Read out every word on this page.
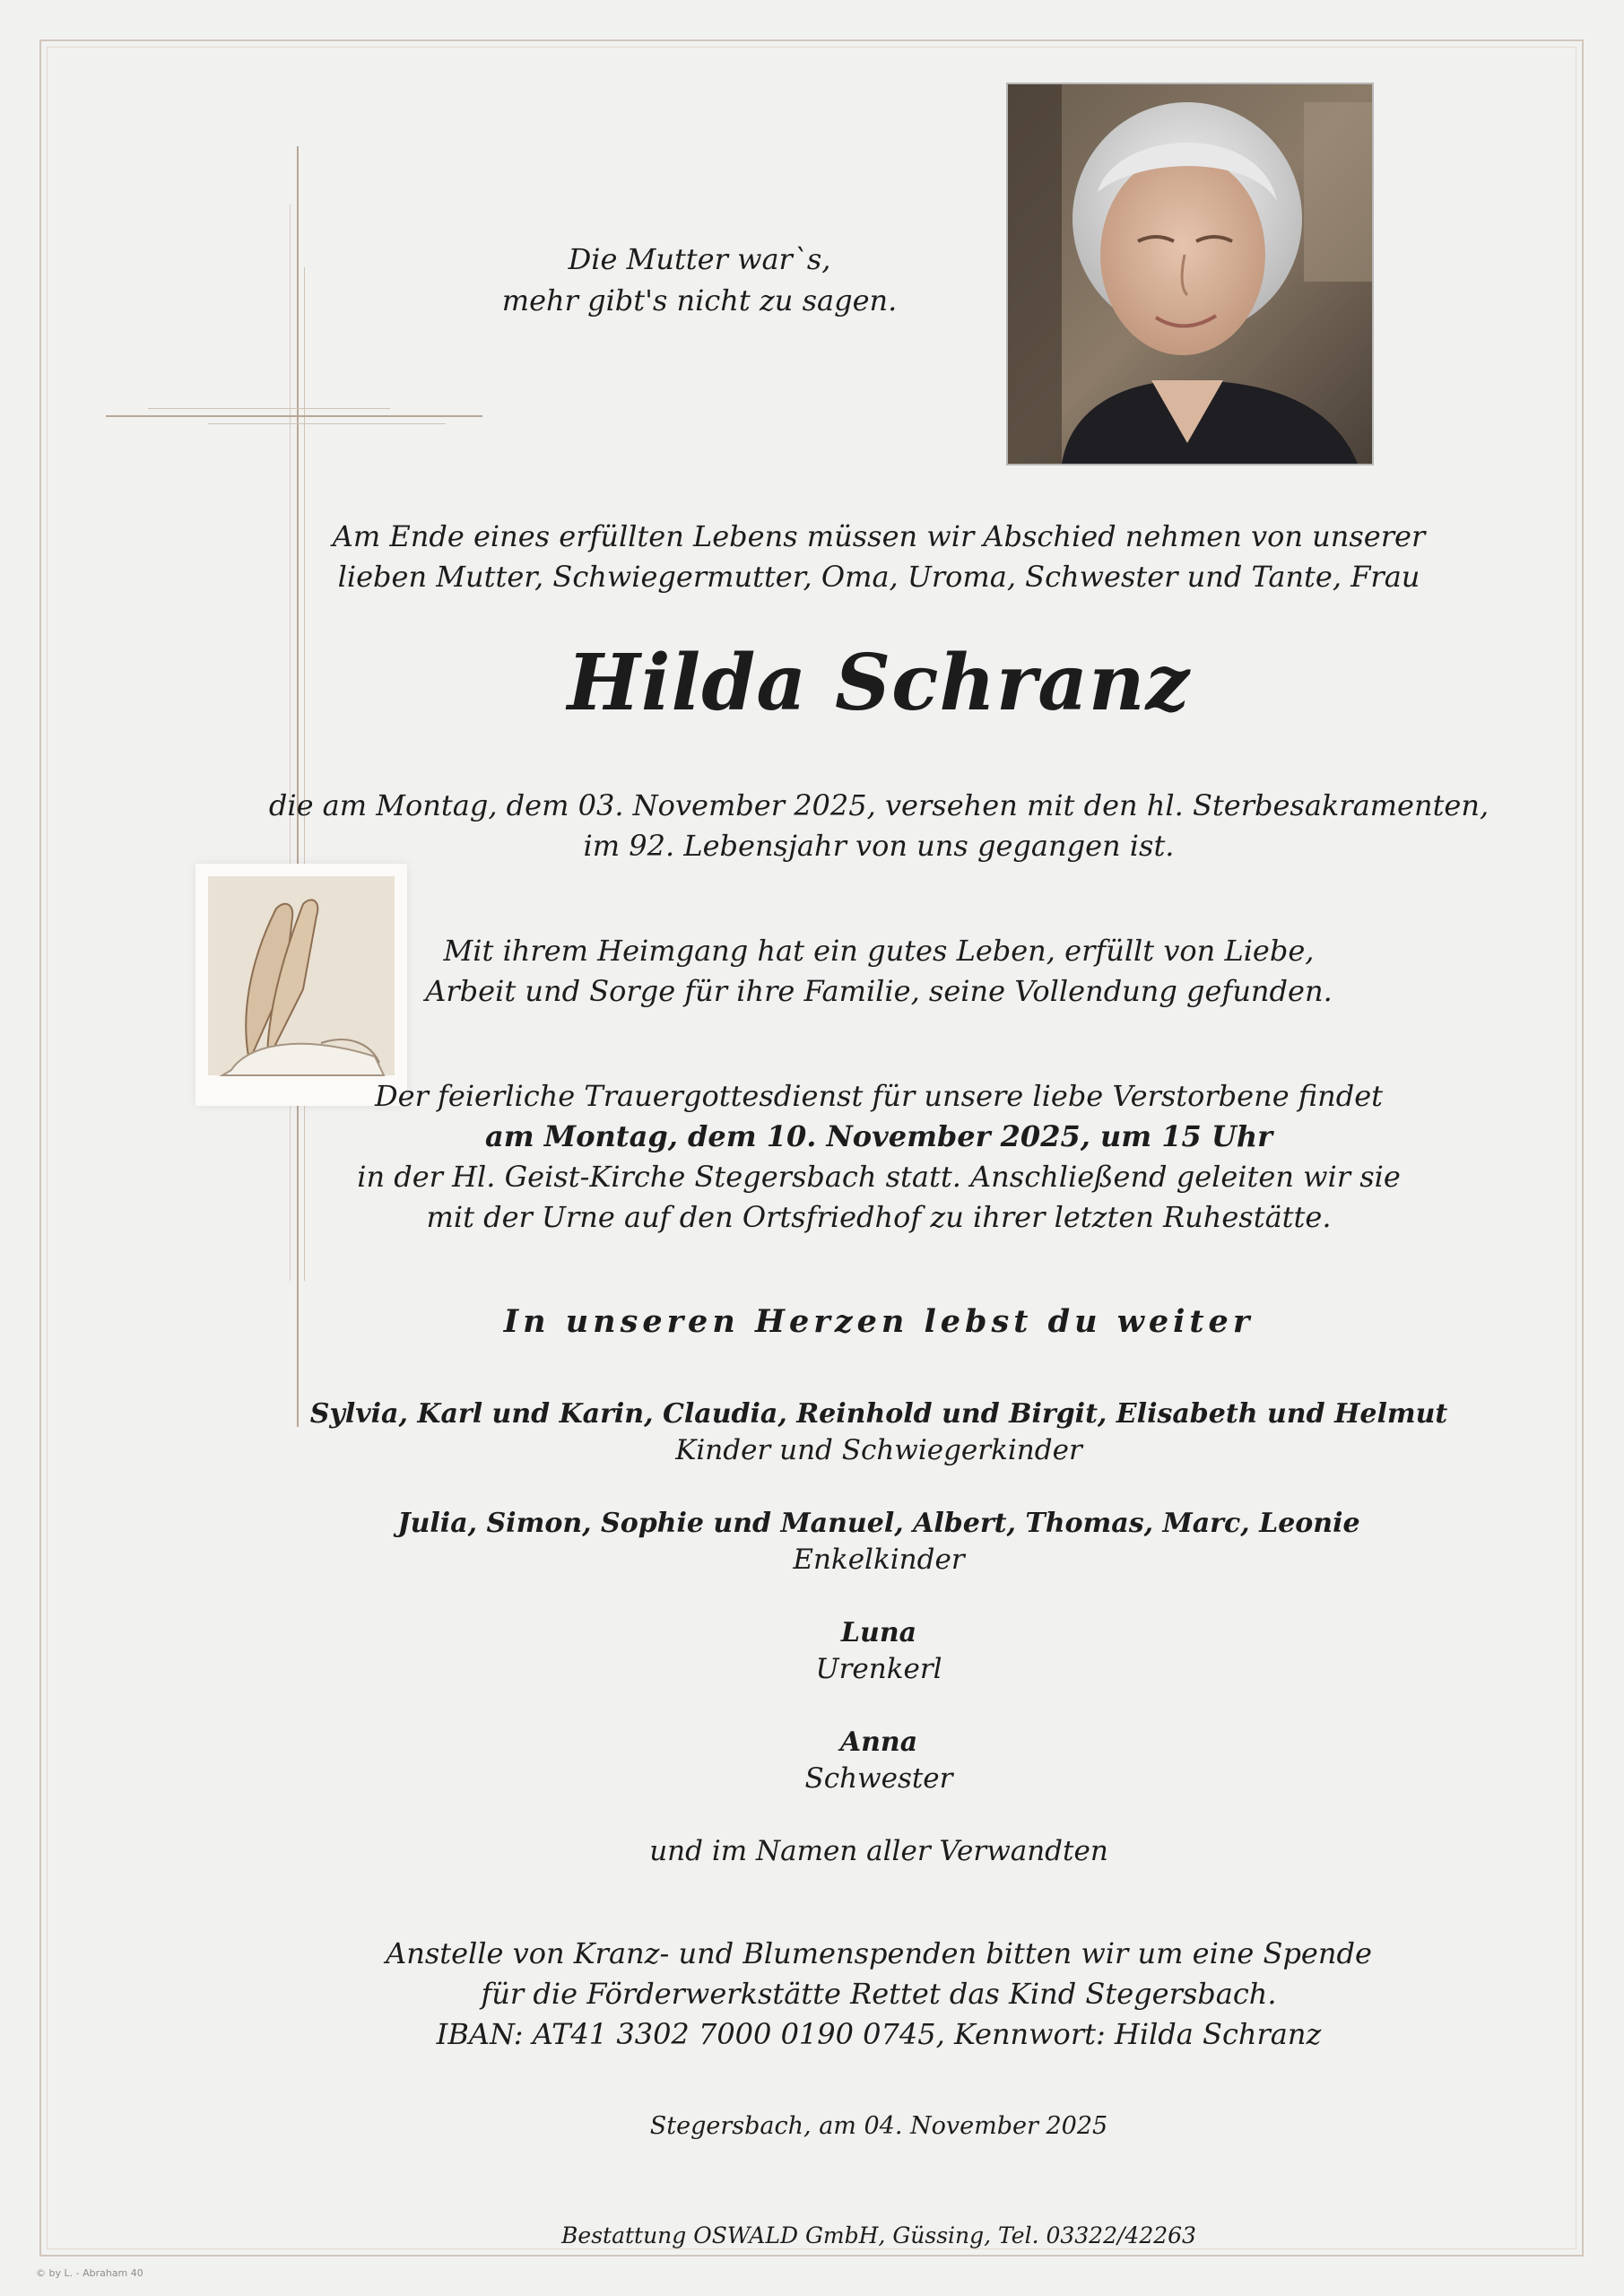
Die Mutter war`s,
mehr gibt's nicht zu sagen.
Am Ende eines erfüllten Lebens müssen wir Abschied nehmen von unserer
lieben Mutter, Schwiegermutter, Oma, Uroma, Schwester und Tante, Frau
Hilda Schranz
die am Montag, dem 03. November 2025, versehen mit den hl. Sterbesakramenten,
im 92. Lebensjahr von uns gegangen ist.
Mit ihrem Heimgang hat ein gutes Leben, erfüllt von Liebe,
Arbeit und Sorge für ihre Familie, seine Vollendung gefunden.
Der feierliche Trauergottesdienst für unsere liebe Verstorbene findet
am Montag, dem 10. November 2025, um 15 Uhr
in der Hl. Geist-Kirche Stegersbach statt. Anschließend geleiten wir sie
mit der Urne auf den Ortsfriedhof zu ihrer letzten Ruhestätte.
In unseren Herzen lebst du weiter
Sylvia, Karl und Karin, Claudia, Reinhold und Birgit, Elisabeth und Helmut
Kinder und Schwiegerkinder
Julia, Simon, Sophie und Manuel, Albert, Thomas, Marc, Leonie
Enkelkinder
Luna
Urenkerl
Anna
Schwester
und im Namen aller Verwandten
Anstelle von Kranz- und Blumenspenden bitten wir um eine Spende
für die Förderwerkstätte Rettet das Kind Stegersbach.
IBAN: AT41 3302 7000 0190 0745, Kennwort: Hilda Schranz
Stegersbach, am 04. November 2025
Bestattung OSWALD GmbH, Güssing, Tel. 03322/42263
© by L. - Abraham 40
